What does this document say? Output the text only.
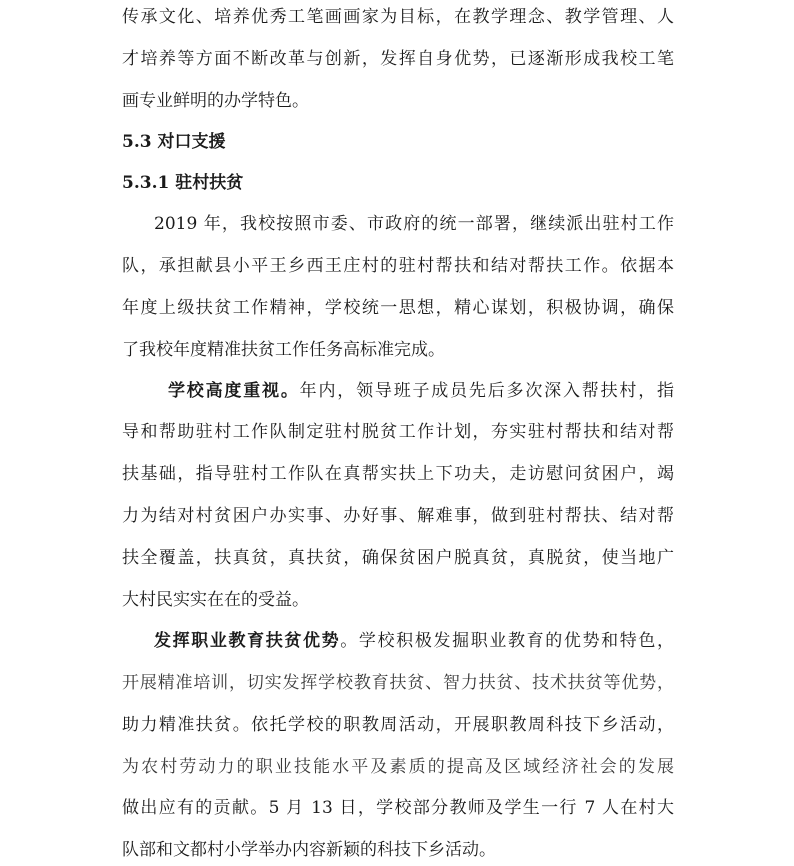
传承文化、培养优秀工笔画画家为目标，在教学理念、教学管理、人
才培养等方面不断改革与创新，发挥自身优势，已逐渐形成我校工笔
画专业鲜明的办学特色。
5.3 对口支援
5.3.1 驻村扶贫
2019 年，我校按照市委、市政府的统一部署，继续派出驻村工作
队，承担献县小平王乡西王庄村的驻村帮扶和结对帮扶工作。依据本
年度上级扶贫工作精神，学校统一思想，精心谋划，积极协调，确保
了我校年度精准扶贫工作任务高标准完成。
学校高度重视。年内，领导班子成员先后多次深入帮扶村，指
导和帮助驻村工作队制定驻村脱贫工作计划，夯实驻村帮扶和结对帮
扶基础，指导驻村工作队在真帮实扶上下功夫，走访慰问贫困户，竭
力为结对村贫困户办实事、办好事、解难事，做到驻村帮扶、结对帮
扶全覆盖，扶真贫，真扶贫，确保贫困户脱真贫，真脱贫，使当地广
大村民实实在在的受益。
发挥职业教育扶贫优势。学校积极发掘职业教育的优势和特色，
开展精准培训，切实发挥学校教育扶贫、智力扶贫、技术扶贫等优势，
助力精准扶贫。依托学校的职教周活动，开展职教周科技下乡活动，
为农村劳动力的职业技能水平及素质的提高及区域经济社会的发展
做出应有的贡献。5 月 13 日，学校部分教师及学生一行 7 人在村大
队部和文都村小学举办内容新颖的科技下乡活动。
